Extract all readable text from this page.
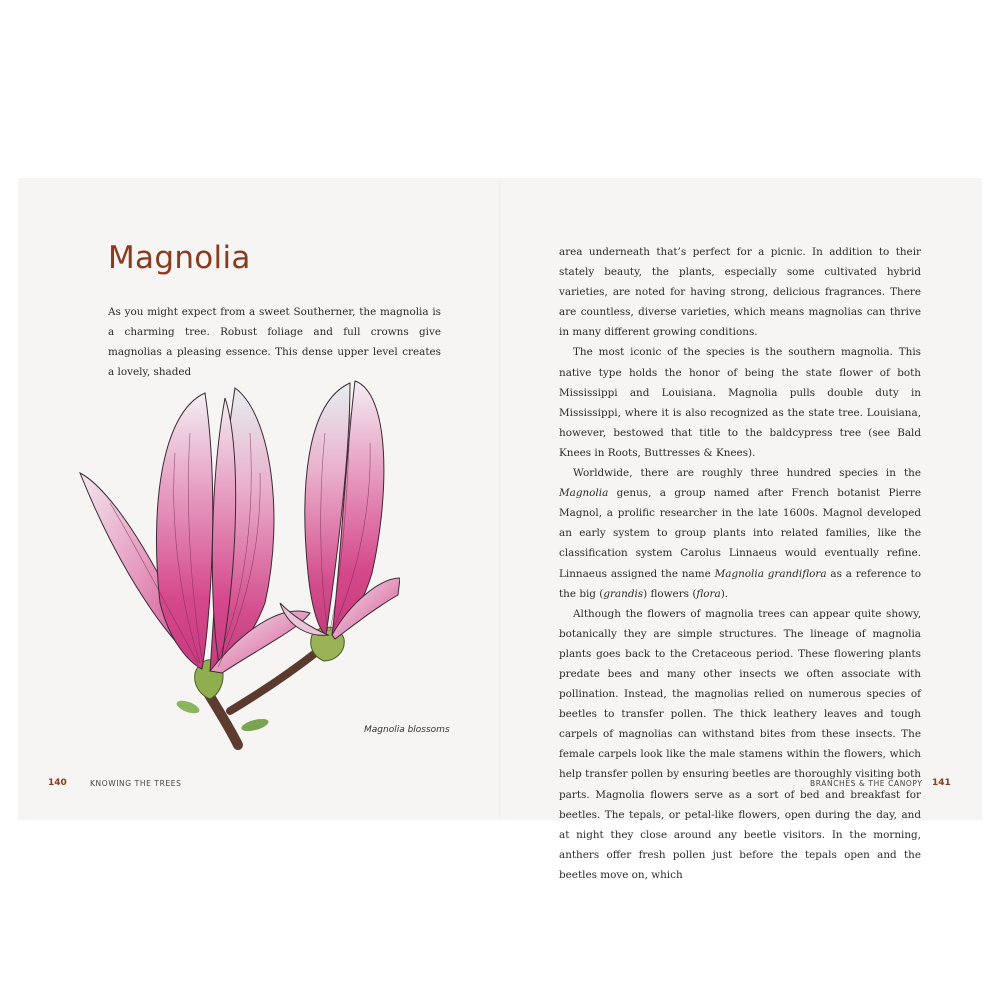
Magnolia

As you might expect from a sweet Southerner, the magnolia is a charming tree. Robust foliage and full crowns give magnolias a pleasing essence. This dense upper level creates a lovely, shaded

Magnolia blossoms

140	KNOWING THE TREES

area underneath that’s perfect for a picnic. In addition to their stately beauty, the plants, especially some cultivated hybrid varieties, are noted for having strong, delicious fragrances. There are countless, diverse varieties, which means magnolias can thrive in many different growing conditions.

The most iconic of the species is the southern magnolia. This native type holds the honor of being the state flower of both Mississippi and Louisiana. Magnolia pulls double duty in Mississippi, where it is also recognized as the state tree. Louisiana, however, bestowed that title to the baldcypress tree (see Bald Knees in Roots, Buttresses & Knees).

Worldwide, there are roughly three hundred species in the Magnolia genus, a group named after French botanist Pierre Magnol, a prolific researcher in the late 1600s. Magnol developed an early system to group plants into related families, like the classification system Carolus Linnaeus would eventually refine. Linnaeus assigned the name Magnolia grandiflora as a reference to the big (grandis) flowers (flora).

Although the flowers of magnolia trees can appear quite showy, botanically they are simple structures. The lineage of magnolia plants goes back to the Cretaceous period. These flowering plants predate bees and many other insects we often associate with pollination. Instead, the magnolias relied on numerous species of beetles to transfer pollen. The thick leathery leaves and tough carpels of magnolias can withstand bites from these insects. The female carpels look like the male stamens within the flowers, which help transfer pollen by ensuring beetles are thoroughly visiting both parts. Magnolia flowers serve as a sort of bed and breakfast for beetles. The tepals, or petal-like flowers, open during the day, and at night they close around any beetle visitors. In the morning, anthers offer fresh pollen just before the tepals open and the beetles move on, which

BRANCHES & THE CANOPY 141
